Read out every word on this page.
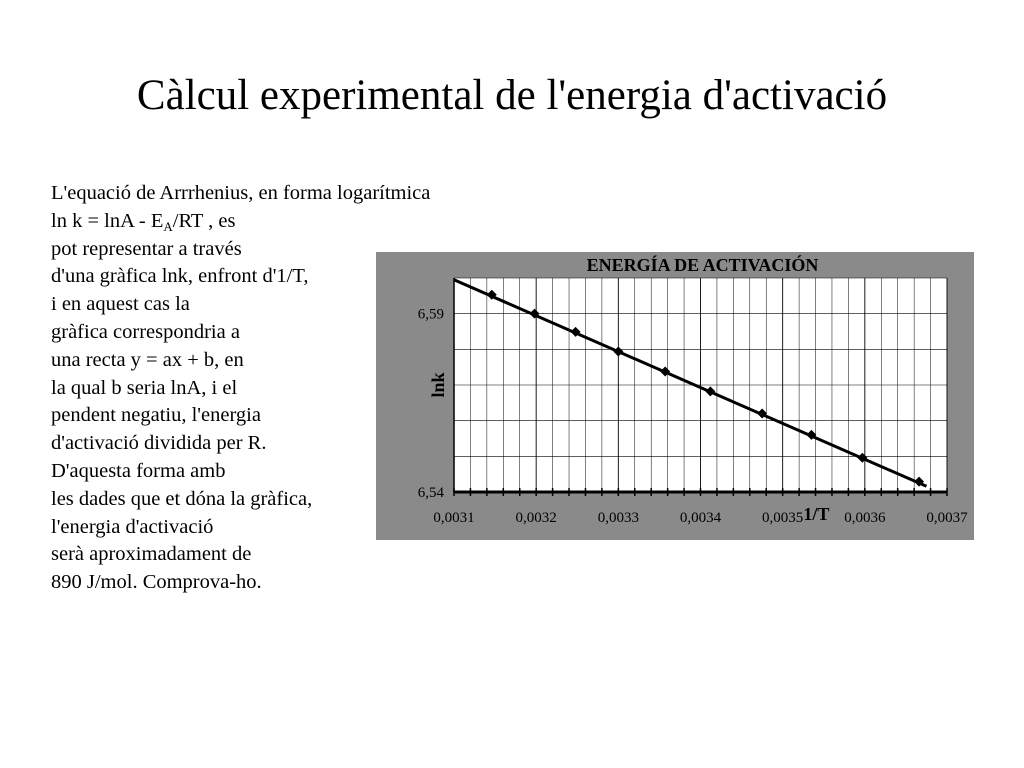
Càlcul experimental de l'energia d'activació
L'equació de Arrrhenius, en forma logarítmica
$\ln k = \ln A - E_A/RT$ , es
pot representar a través
d'una gràfica lnk, enfront d'1/T,
i en aquest cas la
gràfica correspondria a
una recta y = ax + b, en
la qual b seria lnA, i el
pendent negatiu, l'energia
d'activació dividida per R.
D'aquesta forma amb
les dades que et dóna la gràfica,
l'energia d'activació
serà aproximadament de
890 J/mol. Comprova-ho.
0,0031	0,0032	0,0033	0,0034	0,0035	0,0036	0,0037
6,59
6,54
ENERGÍA DE ACTIVACIÓN
1/T
lnk
